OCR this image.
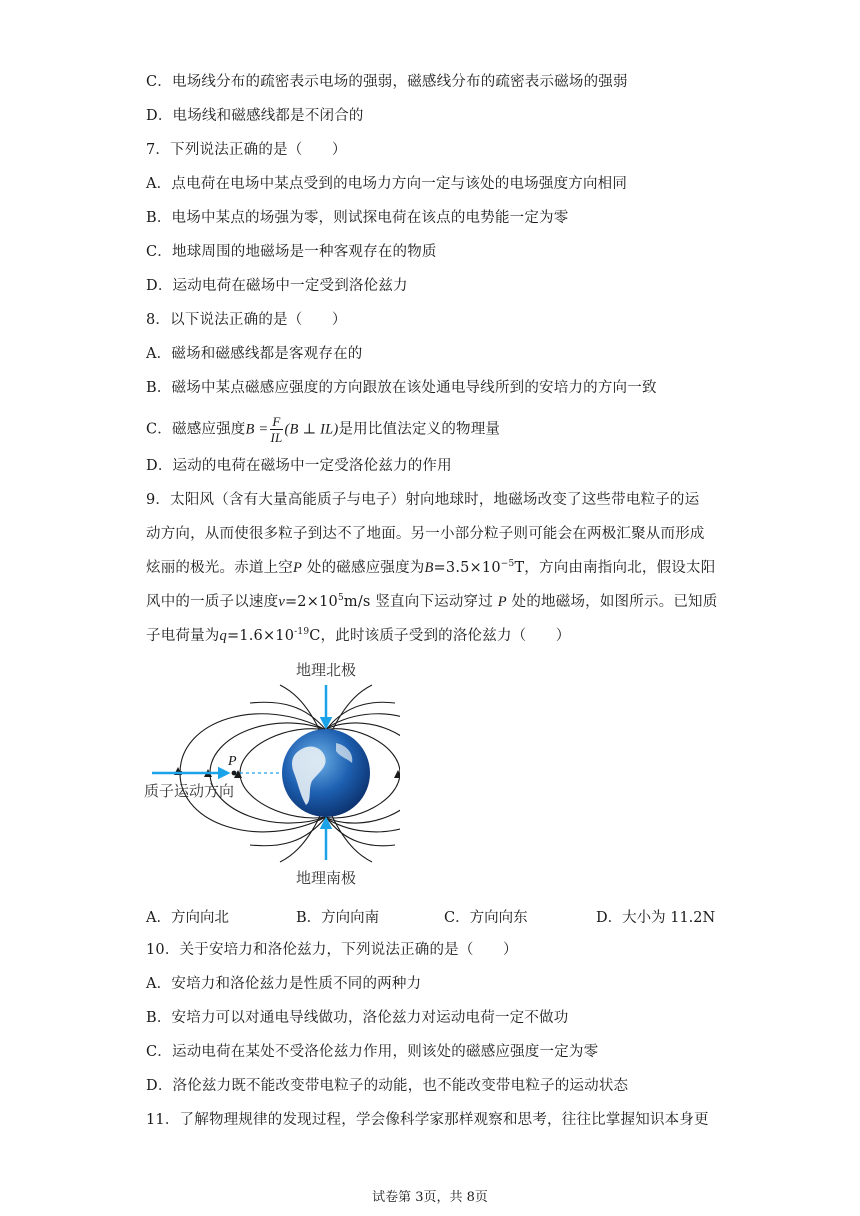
C．电场线分布的疏密表示电场的强弱，磁感线分布的疏密表示磁场的强弱
D．电场线和磁感线都是不闭合的
7．下列说法正确的是（　　）
A．点电荷在电场中某点受到的电场力方向一定与该处的电场强度方向相同
B．电场中某点的场强为零，则试探电荷在该点的电势能一定为零
C．地球周围的地磁场是一种客观存在的物质
D．运动电荷在磁场中一定受到洛伦兹力
8．以下说法正确的是（　　）
A．磁场和磁感线都是客观存在的
B．磁场中某点磁感应强度的方向跟放在该处通电导线所到的安培力的方向一致
C．磁感应强度$B = \frac{F}{IL} (B$ ⊥ IL)是用比值法定义的物理量
D．运动的电荷在磁场中一定受洛伦兹力的作用
9．太阳风（含有大量高能质子与电子）射向地球时，地磁场改变了这些带电粒子的运
动方向，从而使很多粒子到达不了地面。另一小部分粒子则可能会在两极汇聚从而形成
炫丽的极光。赤道上空P 处的磁感应强度为$B=3.5\times 10^{-5}T$，方向由南指向北，假设太阳
风中的一质子以速度$v=2\times 10^5m/s$ 竖直向下运动穿过 P 处的地磁场，如图所示。已知质
子电荷量为$q=1.6\times 10^{-19}C$，此时该质子受到的洛伦兹力（　　）
地理北极
地理南极
质子运动方向
P
A．方向向北	B．方向向南	C．方向向东	D．大小为 11.2N
10．关于安培力和洛伦兹力，下列说法正确的是（　　）
A．安培力和洛伦兹力是性质不同的两种力
B．安培力可以对通电导线做功，洛伦兹力对运动电荷一定不做功
C．运动电荷在某处不受洛伦兹力作用，则该处的磁感应强度一定为零
D．洛伦兹力既不能改变带电粒子的动能，也不能改变带电粒子的运动状态
11．了解物理规律的发现过程，学会像科学家那样观察和思考，往往比掌握知识本身更
试卷第 3页，共 8页
